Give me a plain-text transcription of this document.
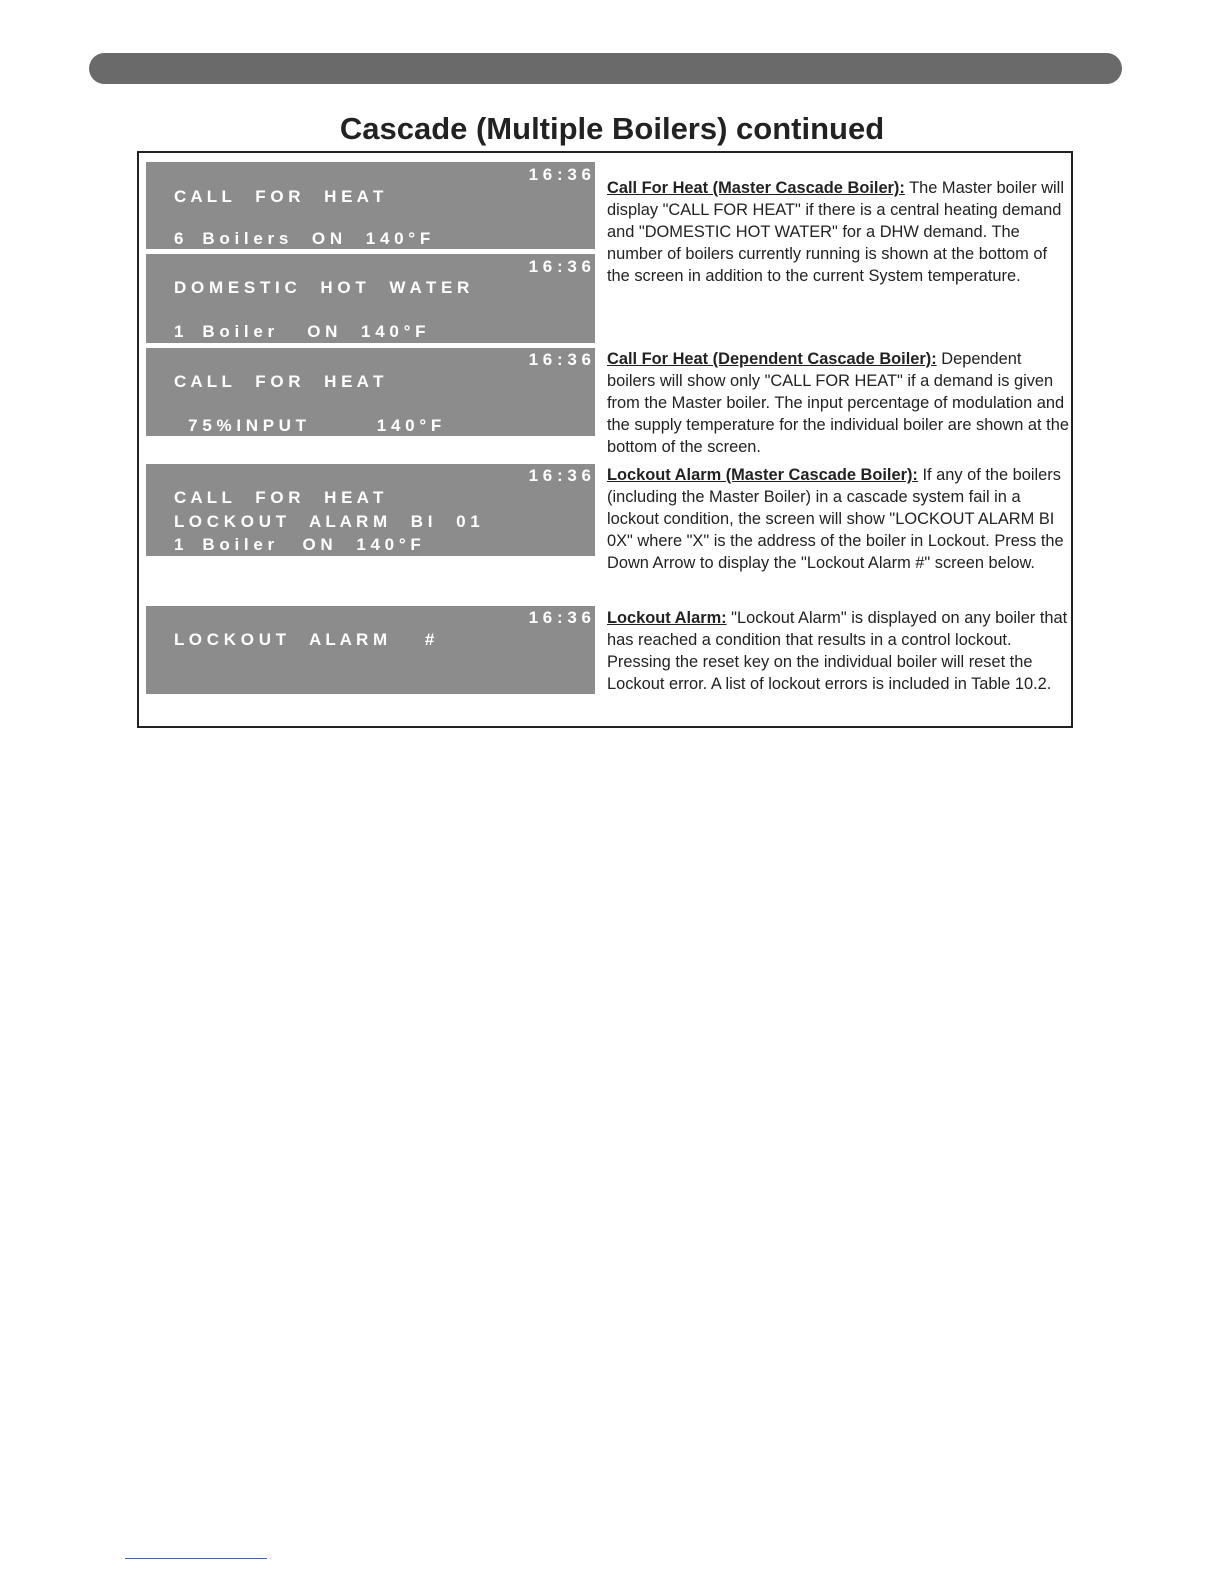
Cascade (Multiple Boilers) continued
1 6 : 3 6
C A L L     F O R     H E A T
6    B o i l e r s     O N     1 4 0 ° F
1 6 : 3 6
D O M E S T I C     H O T     W A T E R
1    B o i l e r       O N     1 4 0 ° F
1 6 : 3 6
C A L L     F O R     H E A T
7 5 % I N P U T               1 4 0 ° F
1 6 : 3 6
C A L L     F O R     H E A T
L O C K O U T     A L A R M     B I     0 1
1    B o i l e r      O N     1 4 0 ° F
1 6 : 3 6
L O C K O U T     A L A R M        #

Call For Heat (Master Cascade Boiler): The Master boiler will display "CALL FOR HEAT" if there is a central heating demand and "DOMESTIC HOT WATER" for a DHW demand. The number of boilers currently running is shown at the bottom of the screen in addition to the current System temperature.

Call For Heat (Dependent Cascade Boiler): Dependent boilers will show only "CALL FOR HEAT" if a demand is given from the Master boiler. The input percentage of modulation and the supply temperature for the individual boiler are shown at the bottom of the screen.

Lockout Alarm (Master Cascade Boiler): If any of the boilers (including the Master Boiler) in a cascade system fail in a lockout condition, the screen will show "LOCKOUT ALARM BI 0X" where "X" is the address of the boiler in Lockout. Press the Down Arrow to display the "Lockout Alarm #" screen below.

Lockout Alarm: "Lockout Alarm" is displayed on any boiler that has reached a condition that results in a control lockout. Pressing the reset key on the individual boiler will reset the Lockout error. A list of lockout errors is included in Table 10.2.
